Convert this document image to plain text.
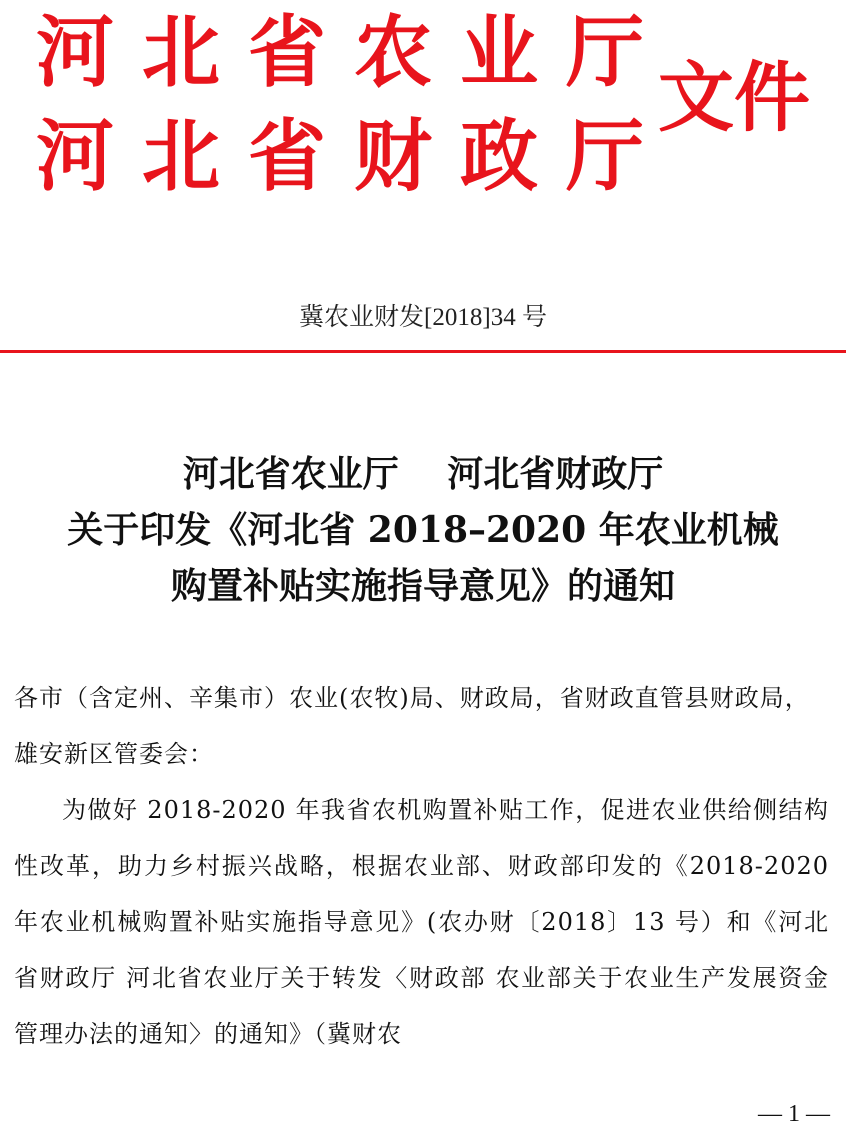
河北省农业厅
河北省财政厅
文件
冀农业财发[2018]34 号
河北省农业厅　 河北省财政厅
关于印发《河北省 2018–2020 年农业机械
购置补贴实施指导意见》的通知

各市（含定州、辛集市）农业(农牧)局、财政局，省财政直管县财政局，雄安新区管委会：

为做好 2018-2020 年我省农机购置补贴工作，促进农业供给侧结构性改革，助力乡村振兴战略，根据农业部、财政部印发的《2018-2020 年农业机械购置补贴实施指导意见》(农办财〔2018〕13 号）和《河北省财政厅 河北省农业厅关于转发〈财政部 农业部关于农业生产发展资金管理办法的通知〉的通知》（冀财农

— 1 —
